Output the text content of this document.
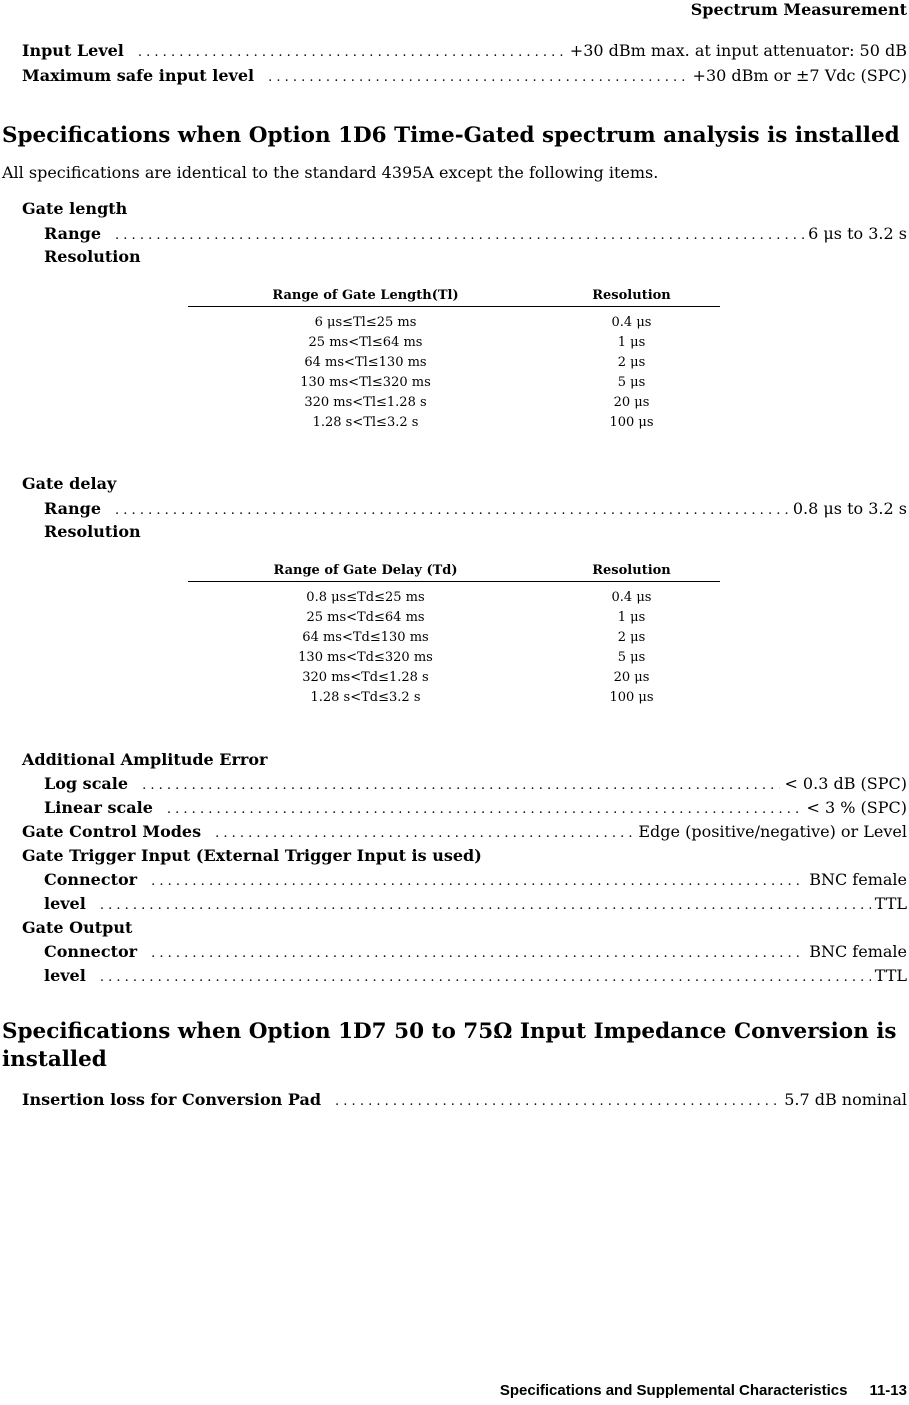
Spectrum Measurement
Input Level . . .	+30 dBm max. at input attenuator: 50 dB
Maximum safe input level . . .	+30 dBm or ±7 Vdc (SPC)
Specifications when Option 1D6 Time-Gated spectrum analysis is installed
All specifications are identical to the standard 4395A except the following items.
Gate length
Range . . .	6 μs to 3.2 s
Resolution
Range of Gate Length(Tl)	Resolution
6 μs≤Tl≤25 ms	0.4 μs
25 ms<Tl≤64 ms	1 μs
64 ms<Tl≤130 ms	2 μs
130 ms<Tl≤320 ms	5 μs
320 ms<Tl≤1.28 s	20 μs
1.28 s<Tl≤3.2 s	100 μs
Gate delay
Range . . .	0.8 μs to 3.2 s
Resolution
Range of Gate Delay (Td)	Resolution
0.8 μs≤Td≤25 ms	0.4 μs
25 ms<Td≤64 ms	1 μs
64 ms<Td≤130 ms	2 μs
130 ms<Td≤320 ms	5 μs
320 ms<Td≤1.28 s	20 μs
1.28 s<Td≤3.2 s	100 μs
Additional Amplitude Error
Log scale . . .	< 0.3 dB (SPC)
Linear scale . . .	< 3 % (SPC)
Gate Control Modes . . .	Edge (positive/negative) or Level
Gate Trigger Input (External Trigger Input is used)
Connector . . .	BNC female
level . . .	TTL
Gate Output
Connector . . .	BNC female
level . . .	TTL
Specifications when Option 1D7 50 to 75Ω Input Impedance Conversion is installed
Insertion loss for Conversion Pad . . .	5.7 dB nominal
Specifications and Supplemental Characteristics 11-13
